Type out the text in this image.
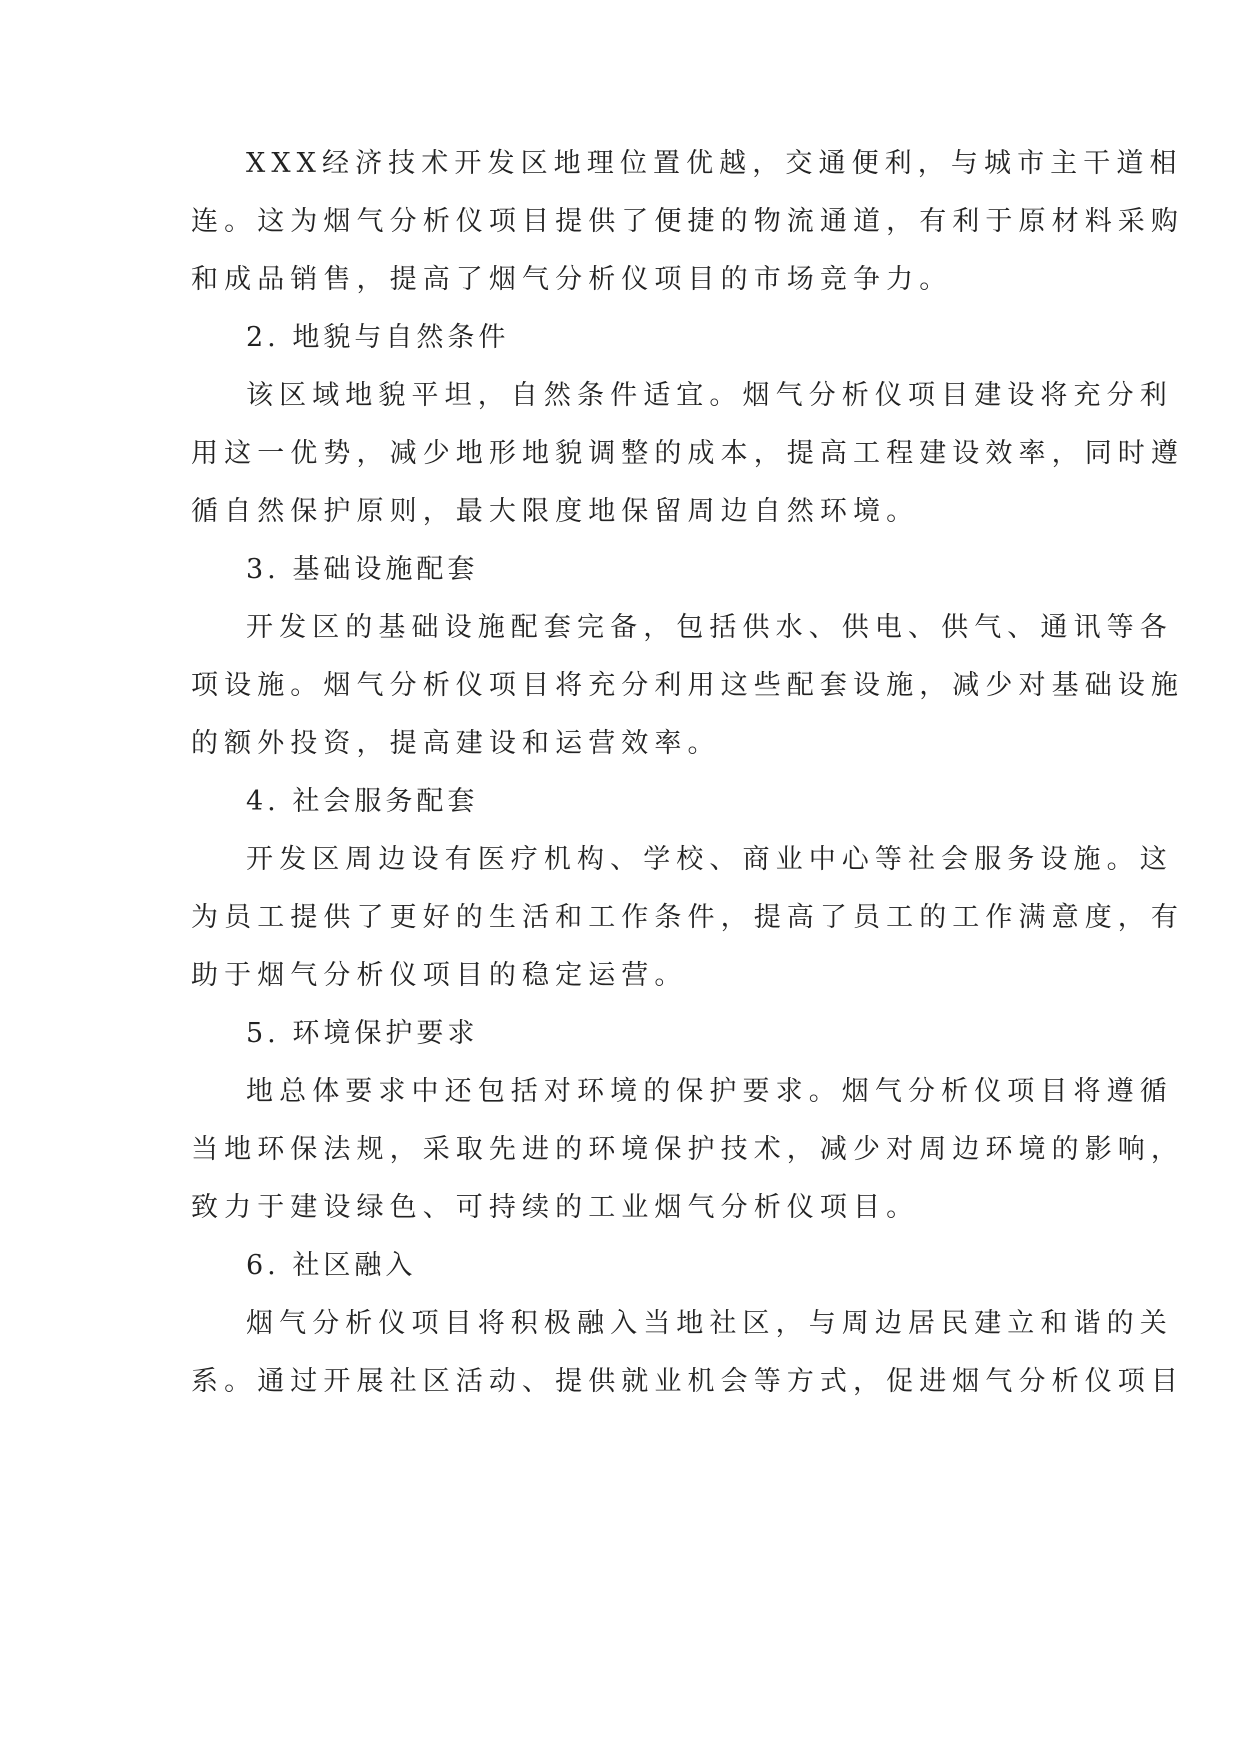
XXX经济技术开发区地理位置优越，交通便利，与城市主干道相
连。这为烟气分析仪项目提供了便捷的物流通道，有利于原材料采购
和成品销售，提高了烟气分析仪项目的市场竞争力。
2. 地貌与自然条件
该区域地貌平坦，自然条件适宜。烟气分析仪项目建设将充分利
用这一优势，减少地形地貌调整的成本，提高工程建设效率，同时遵
循自然保护原则，最大限度地保留周边自然环境。
3. 基础设施配套
开发区的基础设施配套完备，包括供水、供电、供气、通讯等各
项设施。烟气分析仪项目将充分利用这些配套设施，减少对基础设施
的额外投资，提高建设和运营效率。
4. 社会服务配套
开发区周边设有医疗机构、学校、商业中心等社会服务设施。这
为员工提供了更好的生活和工作条件，提高了员工的工作满意度，有
助于烟气分析仪项目的稳定运营。
5. 环境保护要求
地总体要求中还包括对环境的保护要求。烟气分析仪项目将遵循
当地环保法规，采取先进的环境保护技术，减少对周边环境的影响，
致力于建设绿色、可持续的工业烟气分析仪项目。
6. 社区融入
烟气分析仪项目将积极融入当地社区，与周边居民建立和谐的关
系。通过开展社区活动、提供就业机会等方式，促进烟气分析仪项目
